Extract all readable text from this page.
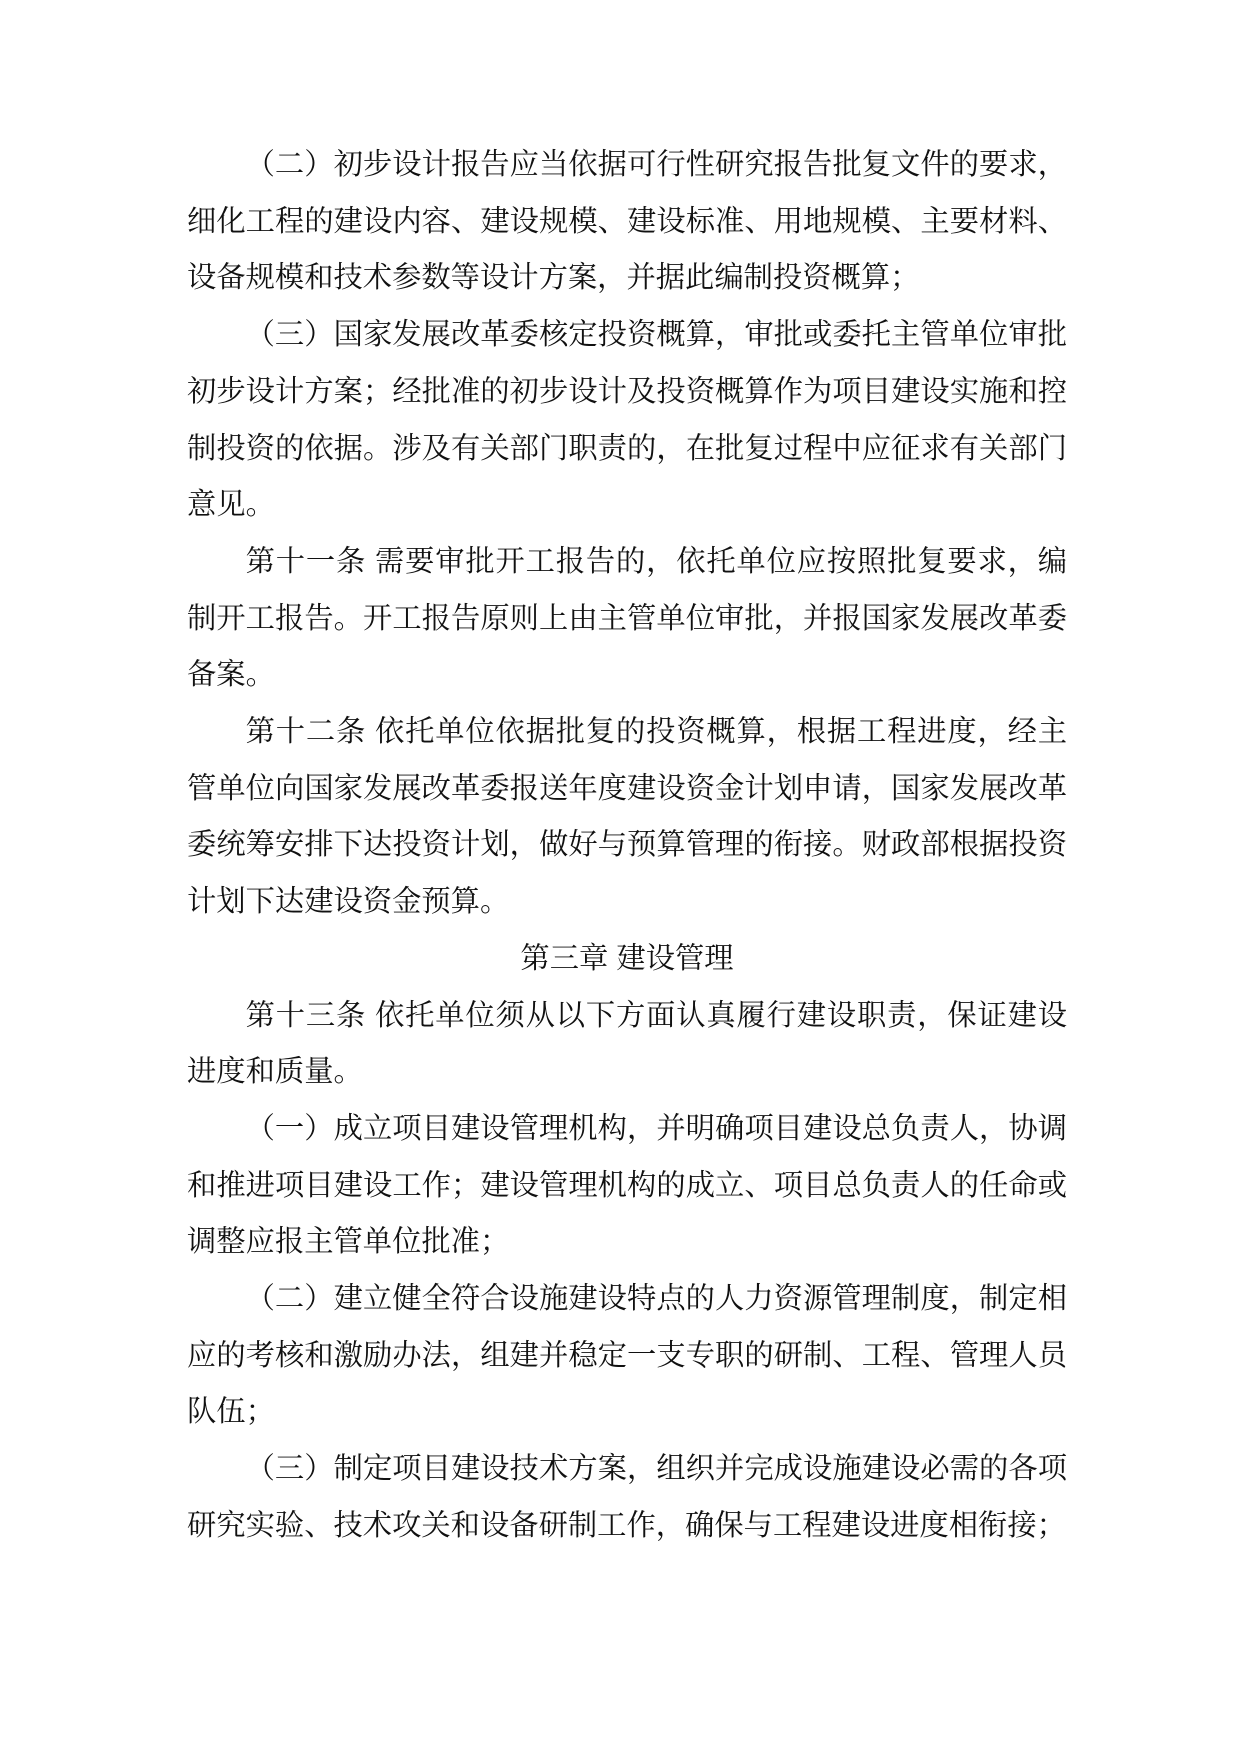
（二）初步设计报告应当依据可行性研究报告批复文件的要求，细化工程的建设内容、建设规模、建设标准、用地规模、主要材料、设备规模和技术参数等设计方案，并据此编制投资概算；

（三）国家发展改革委核定投资概算，审批或委托主管单位审批初步设计方案；经批准的初步设计及投资概算作为项目建设实施和控制投资的依据。涉及有关部门职责的，在批复过程中应征求有关部门意见。

第十一条 需要审批开工报告的，依托单位应按照批复要求，编制开工报告。开工报告原则上由主管单位审批，并报国家发展改革委备案。

第十二条 依托单位依据批复的投资概算，根据工程进度，经主管单位向国家发展改革委报送年度建设资金计划申请，国家发展改革委统筹安排下达投资计划，做好与预算管理的衔接。财政部根据投资计划下达建设资金预算。

第三章 建设管理

第十三条 依托单位须从以下方面认真履行建设职责，保证建设进度和质量。

（一）成立项目建设管理机构，并明确项目建设总负责人，协调和推进项目建设工作；建设管理机构的成立、项目总负责人的任命或调整应报主管单位批准；

（二）建立健全符合设施建设特点的人力资源管理制度，制定相应的考核和激励办法，组建并稳定一支专职的研制、工程、管理人员队伍；

（三）制定项目建设技术方案，组织并完成设施建设必需的各项研究实验、技术攻关和设备研制工作，确保与工程建设进度相衔接；
